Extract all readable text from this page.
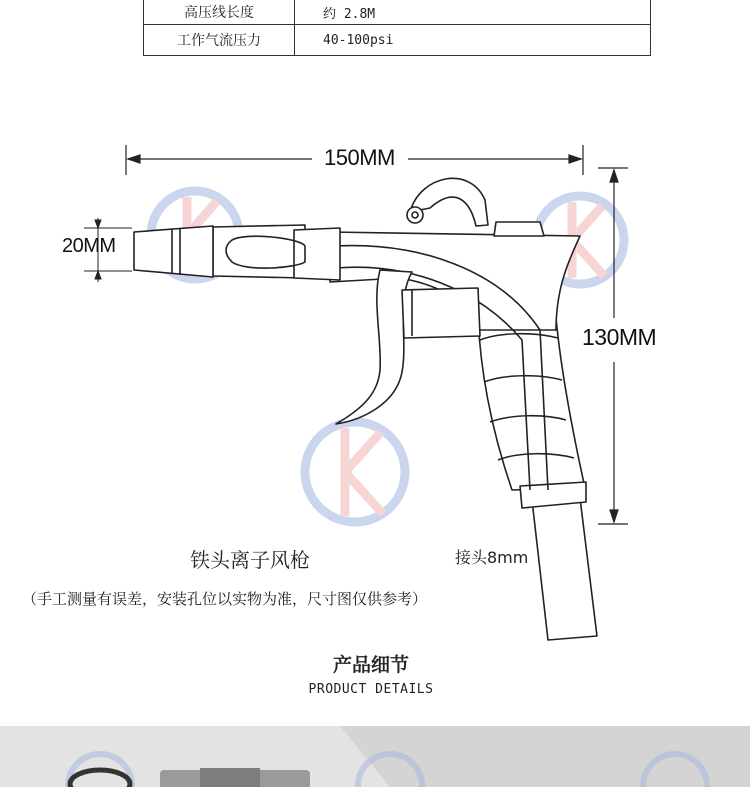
高压线长度	约 2.8M
工作气流压力	40-100psi
150MM
20MM
130MM
铁头离子风枪	接头8mm
（手工测量有误差，安装孔位以实物为准，尺寸图仅供参考）
产品细节
PRODUCT DETAILS
